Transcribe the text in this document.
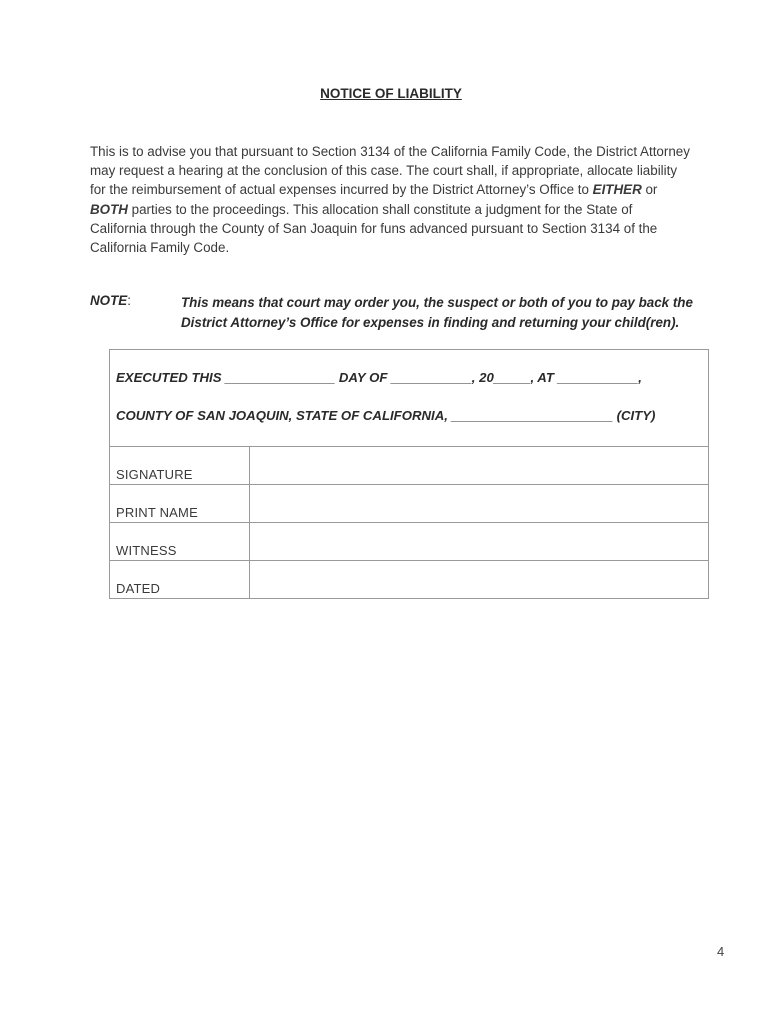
NOTICE OF LIABILITY
This is to advise you that pursuant to Section 3134 of the California Family Code, the District Attorney may request a hearing at the conclusion of this case. The court shall, if appropriate, allocate liability for the reimbursement of actual expenses incurred by the District Attorney’s Office to EITHER or BOTH parties to the proceedings. This allocation shall constitute a judgment for the State of California through the County of San Joaquin for funs advanced pursuant to Section 3134 of the California Family Code.
NOTE:	This means that court may order you, the suspect or both of you to pay back the District Attorney’s Office for expenses in finding and returning your child(ren).
EXECUTED THIS _______________ DAY OF ___________, 20_____, AT ___________,
COUNTY OF SAN JOAQUIN, STATE OF CALIFORNIA, ______________________ (CITY)
SIGNATURE
PRINT NAME
WITNESS
DATED
4
